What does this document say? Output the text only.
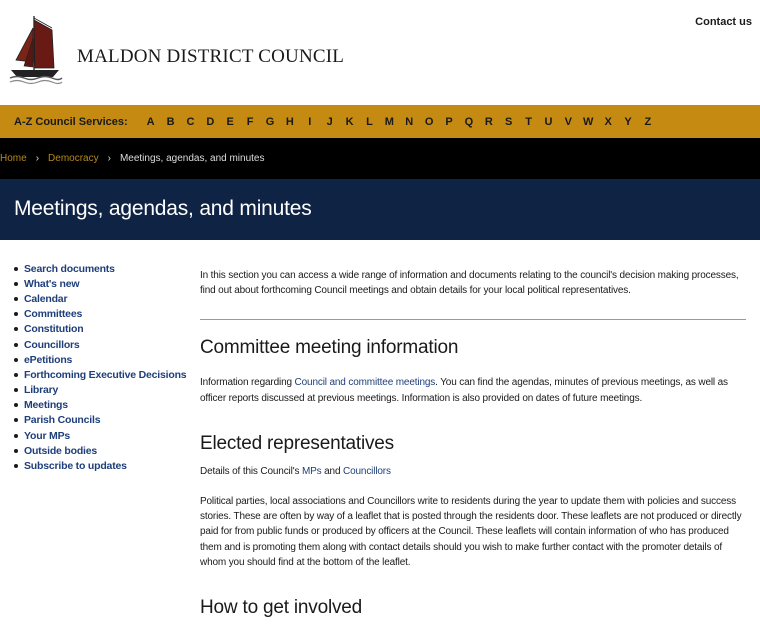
MALDON DISTRICT COUNCIL
Contact us
A-Z Council Services:	A	B	C	D	E	F	G	H	I	J	K	L	M	N	O	P	Q	R	S	T	U	V	W	X	Y	Z
Home › Democracy › Meetings, agendas, and minutes
Meetings, agendas, and minutes
Search documents
What's new
Calendar
Committees
Constitution
Councillors
ePetitions
Forthcoming Executive Decisions
Library
Meetings
Parish Councils
Your MPs
Outside bodies
Subscribe to updates

In this section you can access a wide range of information and documents relating to the council's decision making processes, find out about forthcoming Council meetings and obtain details for your local political representatives.

Committee meeting information

Information regarding Council and committee meetings. You can find the agendas, minutes of previous meetings, as well as officer reports discussed at previous meetings. Information is also provided on dates of future meetings.

Elected representatives

Details of this Council's MPs and Councillors

Political parties, local associations and Councillors write to residents during the year to update them with policies and success stories. These are often by way of a leaflet that is posted through the residents door. These leaflets are not produced or directly paid for from public funds or produced by officers at the Council. These leaflets will contain information of who has produced them and is promoting them along with contact details should you wish to make further contact with the promoter details of whom you should find at the bottom of the leaflet.

How to get involved
